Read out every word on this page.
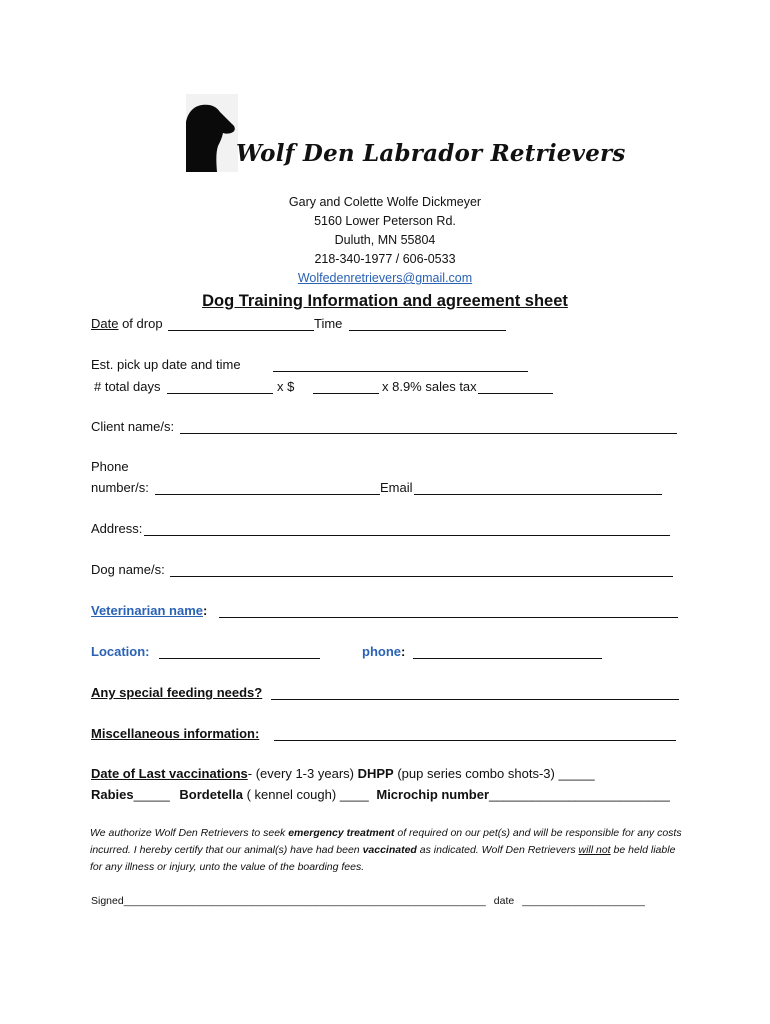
Wolf Den Labrador Retrievers
Gary and Colette Wolfe Dickmeyer
5160 Lower Peterson Rd.
Duluth, MN 55804
218-340-1977 / 606-0533
Wolfedenretrievers@gmail.com
Dog Training Information and agreement sheet
Date of drop	Time
Est. pick up date and time
# total days	x $	x 8.9% sales tax
Client name/s:
Phone
number/s:	Email
Address:
Dog name/s:
Veterinarian name:
Location:	phone:
Any special feeding needs?
Miscellaneous information:
Date of Last vaccinations- (every 1-3 years) DHPP (pup series combo shots-3) _____
Rabies_____ Bordetella ( kennel cough) ____ Microchip number_________________________
We authorize Wolf Den Retrievers to seek emergency treatment of required on our pet(s) and will be responsible for any costs incurred. I hereby certify that our animal(s) have had been vaccinated as indicated. Wolf Den Retrievers will not be held liable for any illness or injury, unto the value of the boarding fees.
Signed______________________________________________________________ date _____________________
